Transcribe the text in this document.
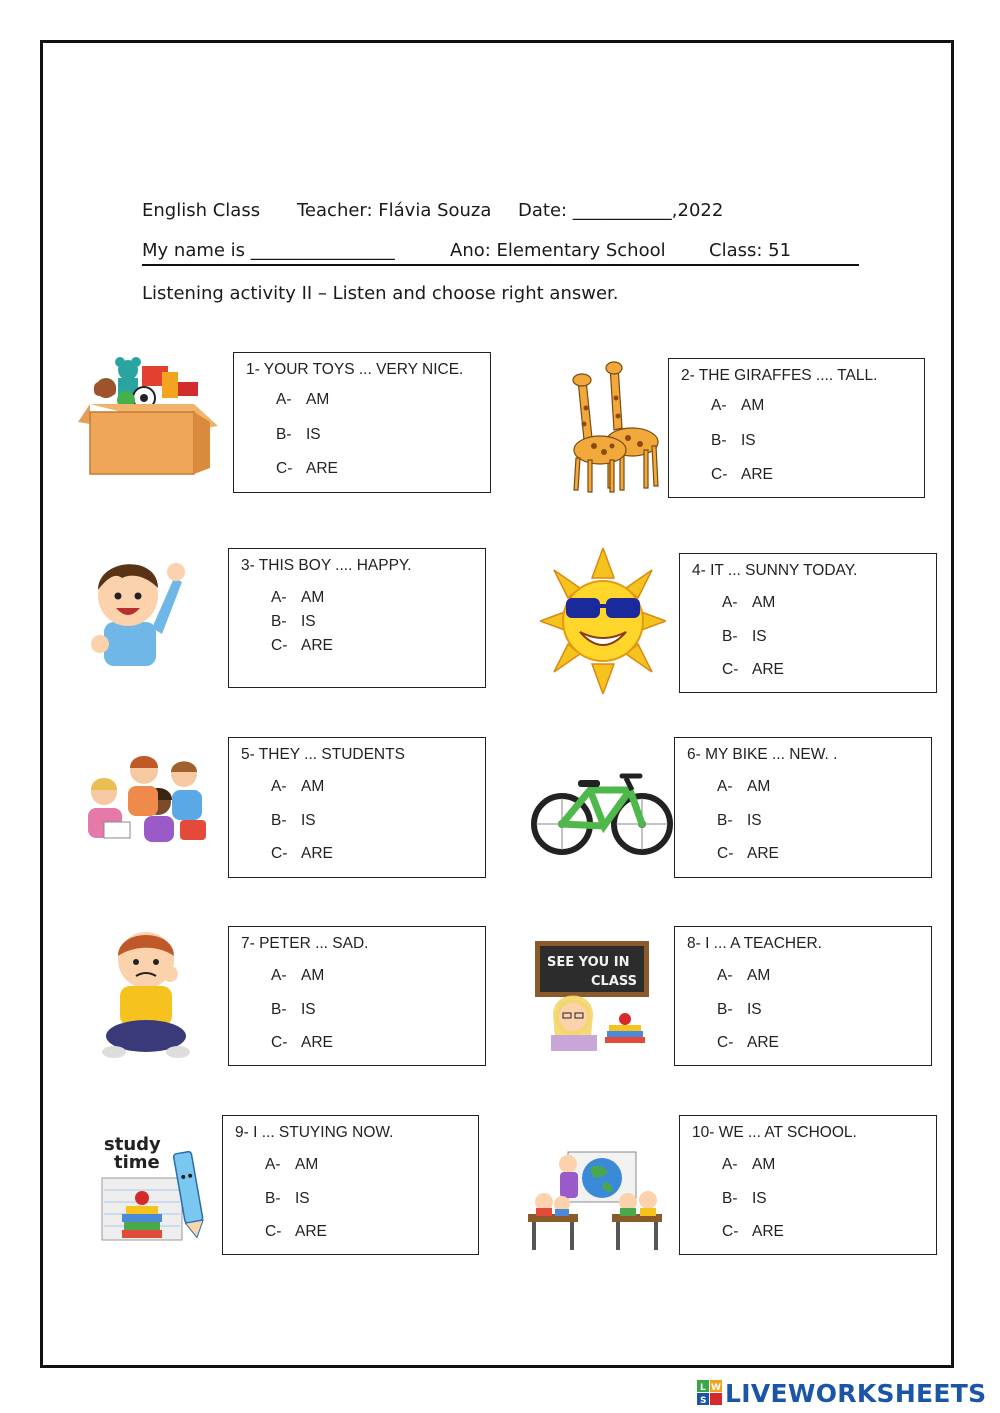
English Class Teacher: Flávia Souza Date: ___________,2022
My name is ________________	Ano: Elementary School Class: 51
Listening activity II – Listen and choose right answer.
1- YOUR TOYS ... VERY NICE.
A- AM
B- IS
C- ARE
2- THE GIRAFFES .... TALL.
A- AM
B- IS
C- ARE
3- THIS BOY .... HAPPY.
A- AM
B- IS
C- ARE
4- IT ... SUNNY TODAY.
A- AM
B- IS
C- ARE
5- THEY ... STUDENTS
A- AM
B- IS
C- ARE
6- MY BIKE ... NEW. .
A- AM
B- IS
C- ARE
7- PETER ... SAD.
A- AM
B- IS
C- ARE
8- I ... A TEACHER.
A- AM
B- IS
C- ARE
9- I ... STUYING NOW.
A- AM
B- IS
C- ARE
10- WE ... AT SCHOOL.
A- AM
B- IS
C- ARE
SEE YOU IN
CLASS
study
time
L W
S LIVEWORKSHEETS
